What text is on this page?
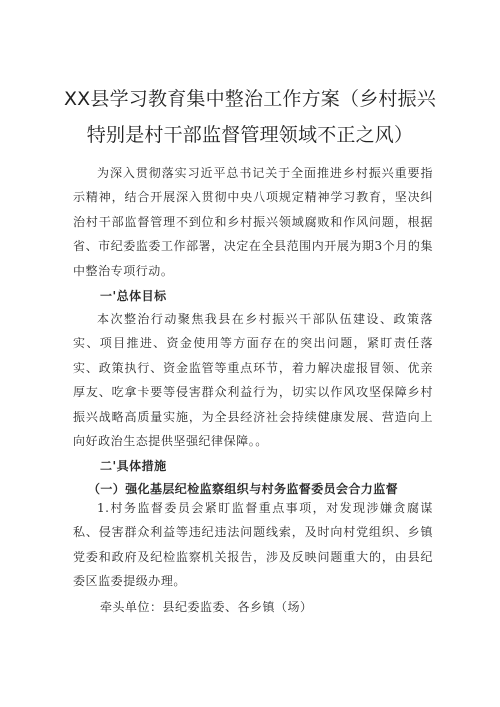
XX县学习教育集中整治工作方案（乡村振兴
特别是村干部监督管理领域不正之风）

为深入贯彻落实习近平总书记关于全面推进乡村振兴重要指示精神，结合开展深入贯彻中央八项规定精神学习教育，坚决纠治村干部监督管理不到位和乡村振兴领域腐败和作风问题，根据省、市纪委监委工作部署，决定在全县范围内开展为期3个月的集中整治专项行动。

一'总体目标

本次整治行动聚焦我县在乡村振兴干部队伍建设、政策落实、项目推进、资金使用等方面存在的突出问题，紧盯责任落实、政策执行、资金监管等重点环节，着力解决虚报冒领、优亲厚友、吃拿卡要等侵害群众利益行为，切实以作风攻坚保障乡村振兴战略高质量实施，为全县经济社会持续健康发展、营造向上向好政治生态提供坚强纪律保障。。

二'具体措施
（一）强化基层纪检监察组织与村务监督委员会合力监督

1.村务监督委员会紧盯监督重点事项，对发现涉嫌贪腐谋私、侵害群众利益等违纪违法问题线索，及时向村党组织、乡镇党委和政府及纪检监察机关报告，涉及反映问题重大的，由县纪委区监委提级办理。

牵头单位：县纪委监委、各乡镇（场）
